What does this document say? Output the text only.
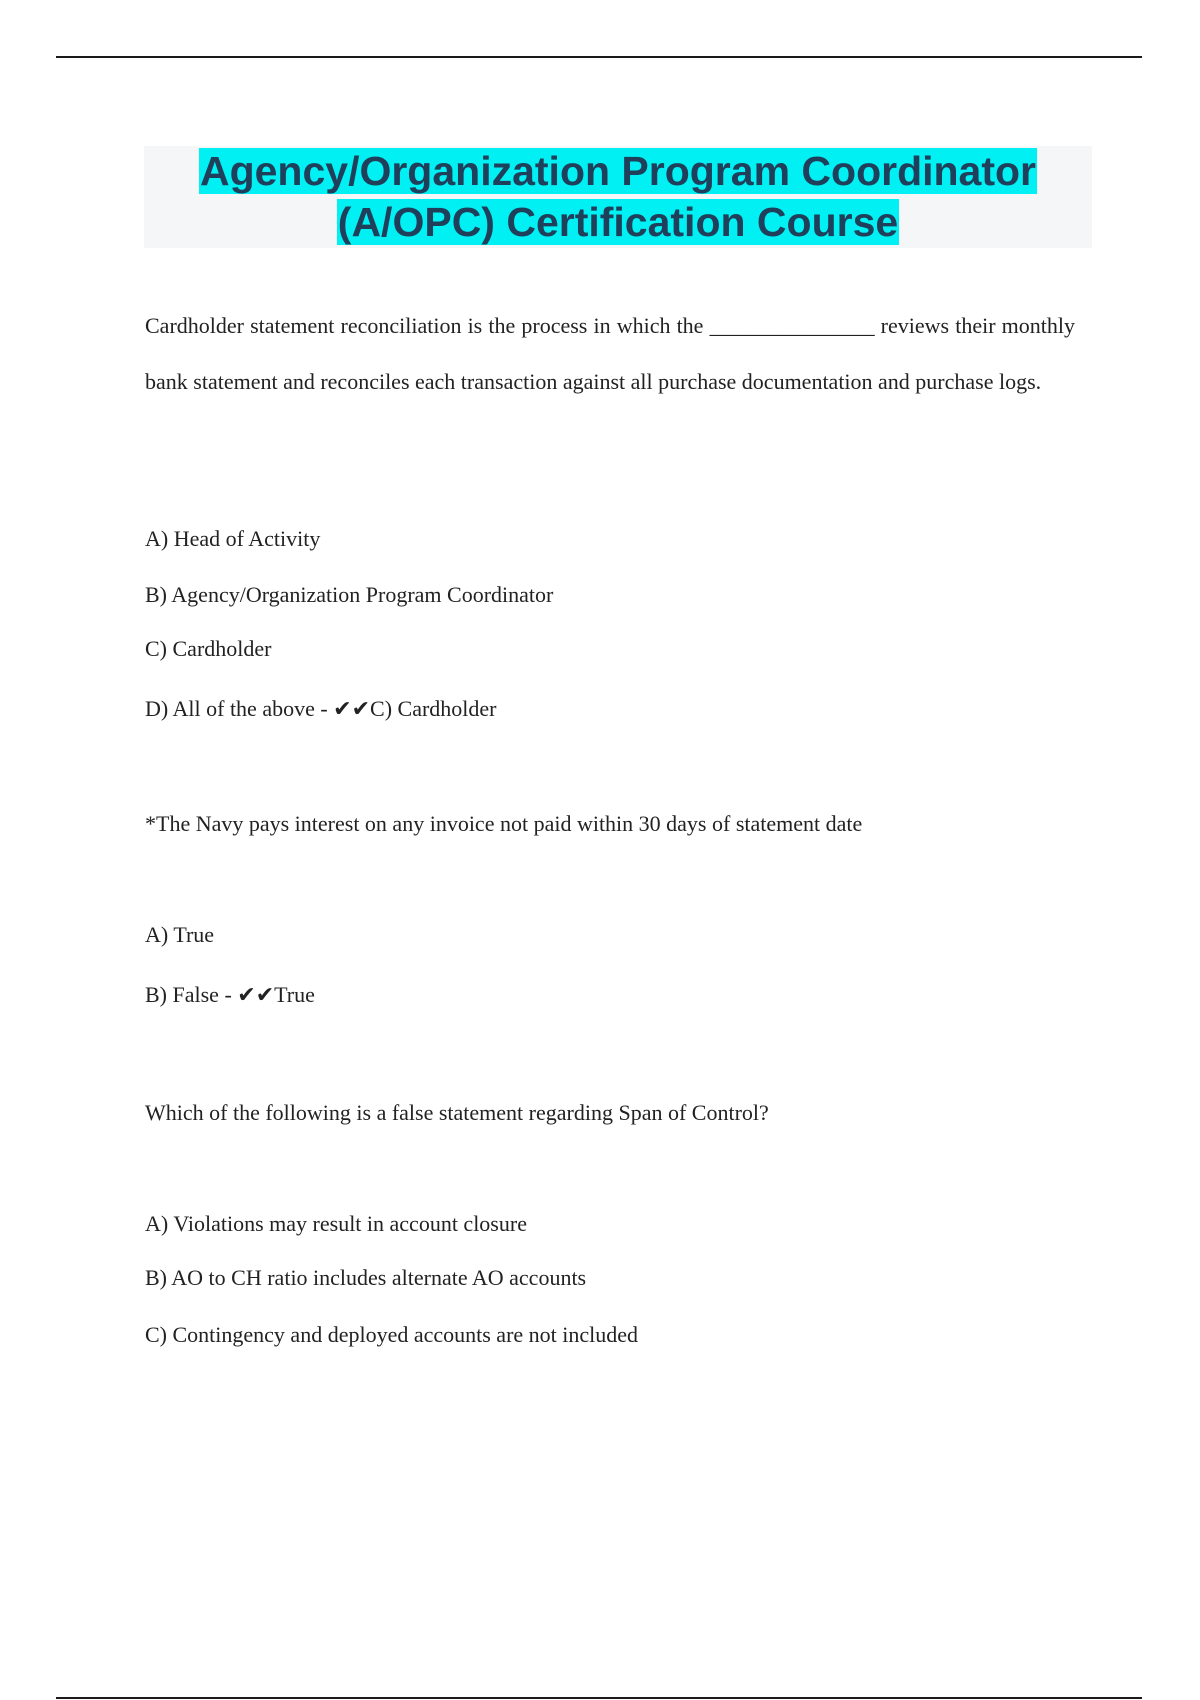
Agency/Organization Program Coordinator
(A/OPC) Certification Course
Cardholder statement reconciliation is the process in which the _______________ reviews their monthly bank statement and reconciles each transaction against all purchase documentation and purchase logs.
A) Head of Activity
B) Agency/Organization Program Coordinator
C) Cardholder
D) All of the above - ✔✔C) Cardholder
*The Navy pays interest on any invoice not paid within 30 days of statement date
A) True
B) False - ✔✔True
Which of the following is a false statement regarding Span of Control?
A) Violations may result in account closure
B) AO to CH ratio includes alternate AO accounts
C) Contingency and deployed accounts are not included
